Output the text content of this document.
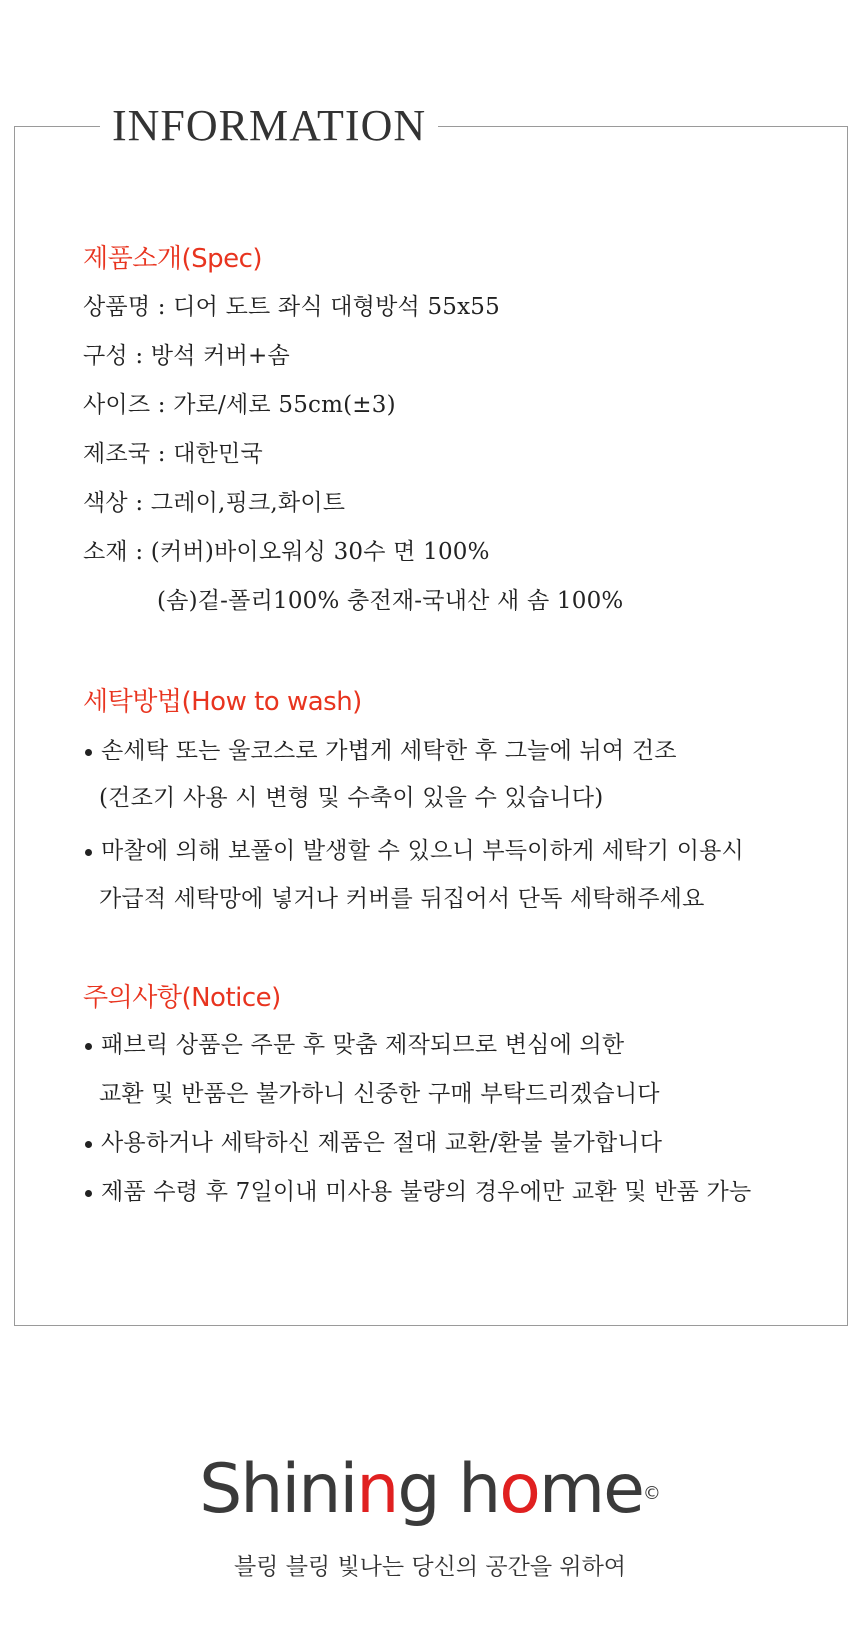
INFORMATION
제품소개(Spec)
상품명 : 디어 도트 좌식 대형방석 55x55
구성 : 방석 커버+솜
사이즈 : 가로/세로 55cm(±3)
제조국 : 대한민국
색상 : 그레이,핑크,화이트
소재 : (커버)바이오워싱 30수 면 100%
(솜)겉-폴리100% 충전재-국내산 새 솜 100%
세탁방법(How to wash)
손세탁 또는 울코스로 가볍게 세탁한 후 그늘에 뉘여 건조
(건조기 사용 시 변형 및 수축이 있을 수 있습니다)
마찰에 의해 보풀이 발생할 수 있으니 부득이하게 세탁기 이용시
가급적 세탁망에 넣거나 커버를 뒤집어서 단독 세탁해주세요
주의사항(Notice)
패브릭 상품은 주문 후 맞춤 제작되므로 변심에 의한
교환 및 반품은 불가하니 신중한 구매 부탁드리겠습니다
사용하거나 세탁하신 제품은 절대 교환/환불 불가합니다
제품 수령 후 7일이내 미사용 불량의 경우에만 교환 및 반품 가능
Shining home©
블링 블링 빛나는 당신의 공간을 위하여
